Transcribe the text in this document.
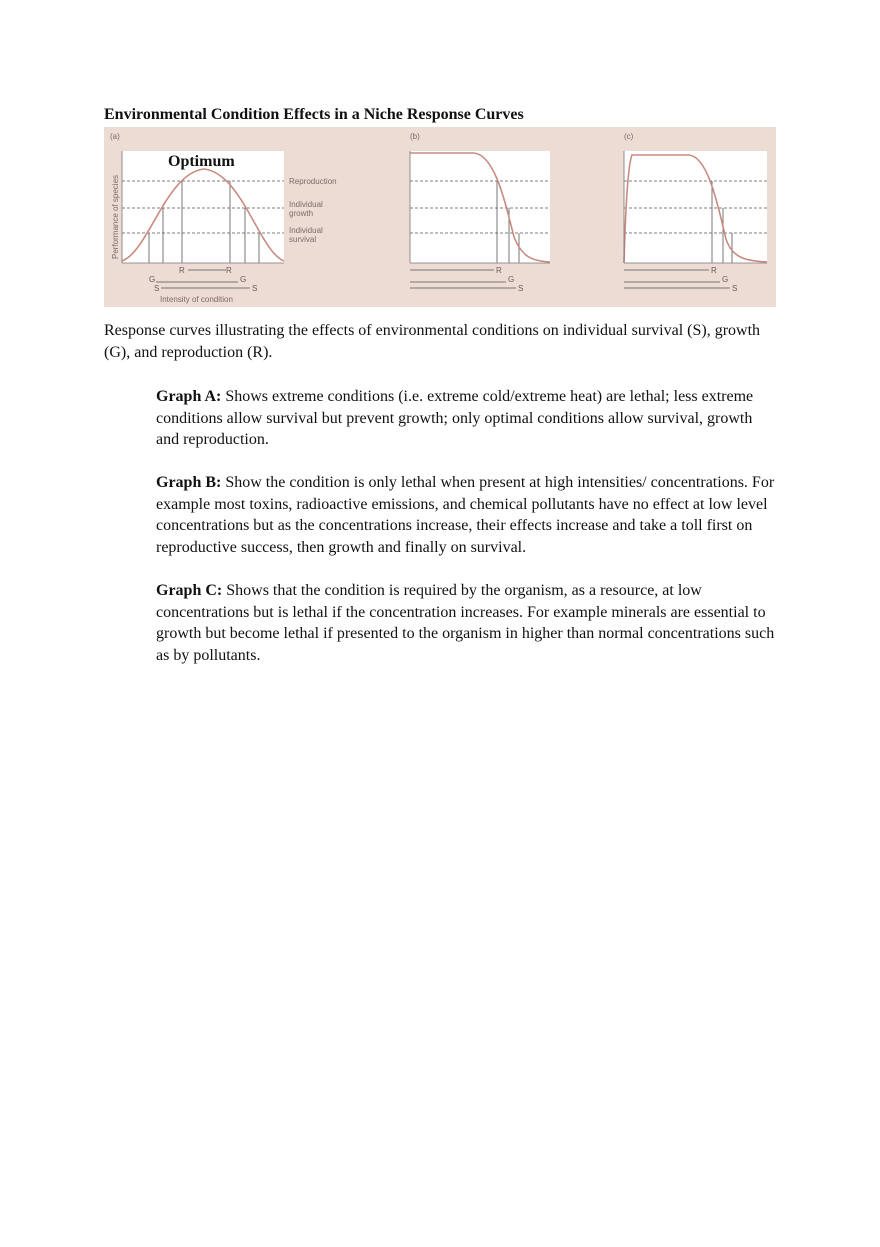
Environmental Condition Effects in a Niche Response Curves
(a)
Performance of species
Optimum
Reproduction
Individual
growth
Individual
survival
R	R
G	G
S	S
Intensity of condition
(b)
R
G
S
(c)
R
G
S

Response curves illustrating the effects of environmental conditions on individual survival (S), growth (G), and reproduction (R).

Graph A: Shows extreme conditions (i.e. extreme cold/extreme heat) are lethal; less extreme conditions allow survival but prevent growth; only optimal conditions allow survival, growth and reproduction.

Graph B: Show the condition is only lethal when present at high intensities/ concentrations. For example most toxins, radioactive emissions, and chemical pollutants have no effect at low level concentrations but as the concentrations increase, their effects increase and take a toll first on reproductive success, then growth and finally on survival.

Graph C: Shows that the condition is required by the organism, as a resource, at low concentrations but is lethal if the concentration increases. For example minerals are essential to growth but become lethal if presented to the organism in higher than normal concentrations such as by pollutants.
